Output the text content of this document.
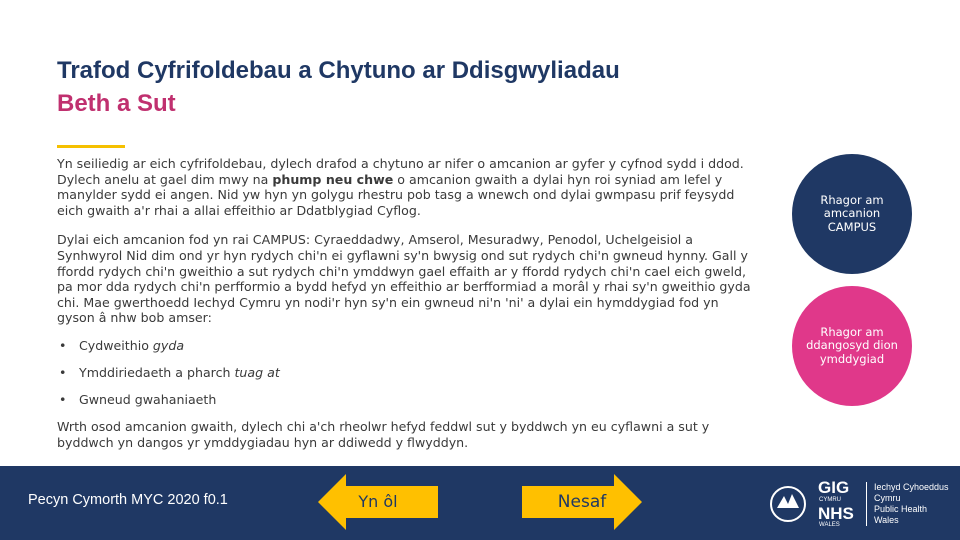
Trafod Cyfrifoldebau a Chytuno ar Ddisgwyliadau
Beth a Sut

Yn seiliedig ar eich cyfrifoldebau, dylech drafod a chytuno ar nifer o amcanion ar gyfer y cyfnod sydd i ddod. Dylech anelu at gael dim mwy na phump neu chwe o amcanion gwaith a dylai hyn roi syniad am lefel y manylder sydd ei angen. Nid yw hyn yn golygu rhestru pob tasg a wnewch ond dylai gwmpasu prif feysydd eich gwaith a'r rhai a allai effeithio ar Ddatblygiad Cyflog.

Dylai eich amcanion fod yn rai CAMPUS: Cyraeddadwy, Amserol, Mesuradwy, Penodol, Uchelgeisiol a Synhwyrol Nid dim ond yr hyn rydych chi'n ei gyflawni sy'n bwysig ond sut rydych chi'n gwneud hynny. Gall y ffordd rydych chi'n gweithio a sut rydych chi'n ymddwyn gael effaith ar y ffordd rydych chi'n cael eich gweld, pa mor dda rydych chi'n perfformio a bydd hefyd yn effeithio ar berfformiad a morâl y rhai sy'n gweithio gyda chi. Mae gwerthoedd Iechyd Cymru yn nodi'r hyn sy'n ein gwneud ni'n 'ni' a dylai ein hymddygiad fod yn gyson â nhw bob amser:

• Cydweithio gyda
• Ymddiriedaeth a pharch tuag at
• Gwneud gwahaniaeth

Wrth osod amcanion gwaith, dylech chi a'ch rheolwr hefyd feddwl sut y byddwch yn eu cyflawni a sut y byddwch yn dangos yr ymddygiadau hyn ar ddiwedd y flwyddyn.

Rhagor am amcanion CAMPUS
Rhagor am ddangosyd dion ymddygiad
Pecyn Cymorth MYC 2020 f0.1	Yn ôl	Nesaf
GIG
CYMRU
NHS
WALES
Iechyd Cyhoeddus
Cymru
Public Health
Wales
